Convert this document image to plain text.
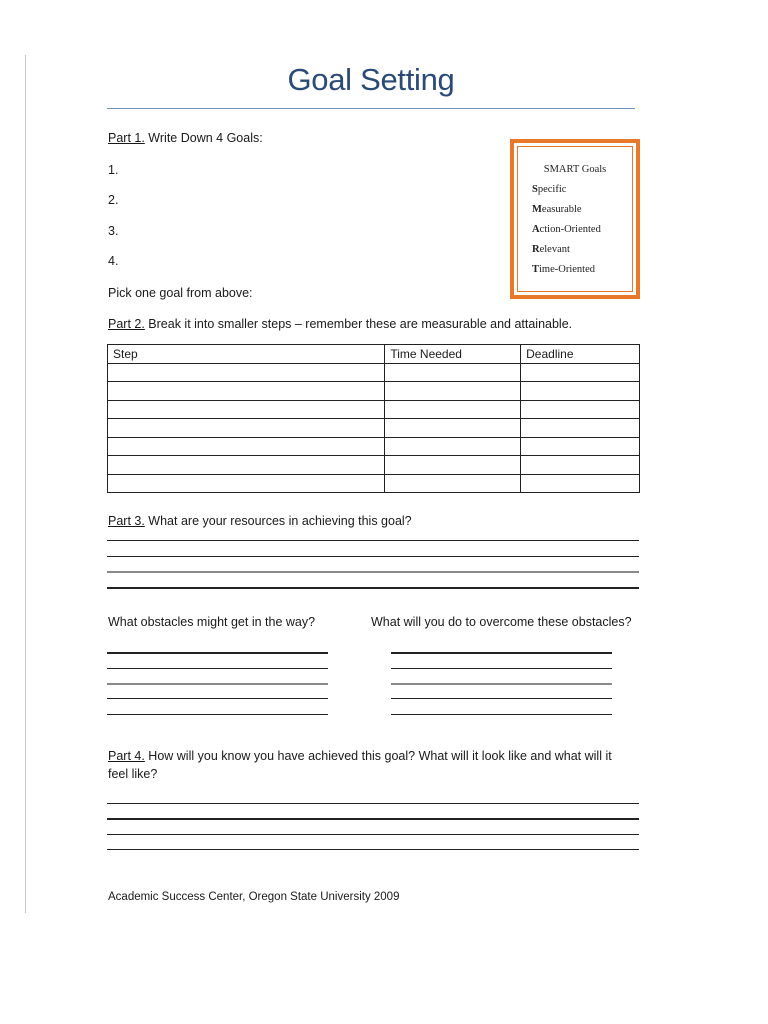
Goal Setting
Part 1. Write Down 4 Goals:
1.
2.
3.
4.
Pick one goal from above:
SMART Goals
Specific
Measurable
Action-Oriented
Relevant
Time-Oriented
Part 2. Break it into smaller steps – remember these are measurable and attainable.
Step	Time Needed	Deadline

Part 3. What are your resources in achieving this goal?
What obstacles might get in the way?	What will you do to overcome these obstacles?
Part 4. How will you know you have achieved this goal? What will it look like and what will it
feel like?
Academic Success Center, Oregon State University 2009
